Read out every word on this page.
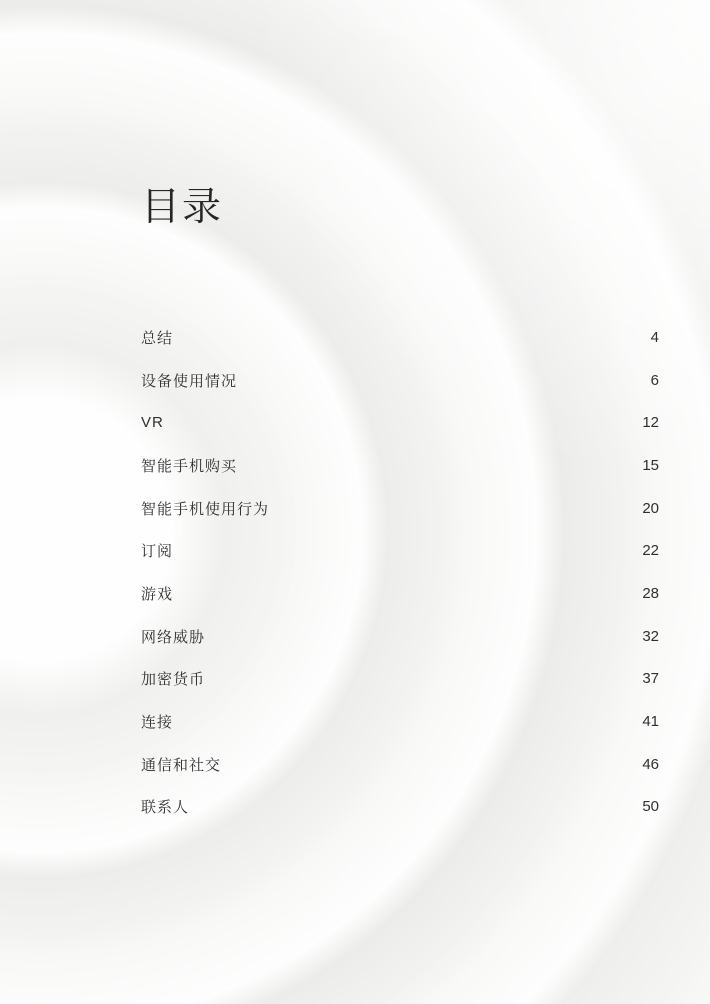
目录
总结	4
设备使用情况	6
VR	12
智能手机购买	15
智能手机使用行为	20
订阅	22
游戏	28
网络威胁	32
加密货币	37
连接	41
通信和社交	46
联系人	50
